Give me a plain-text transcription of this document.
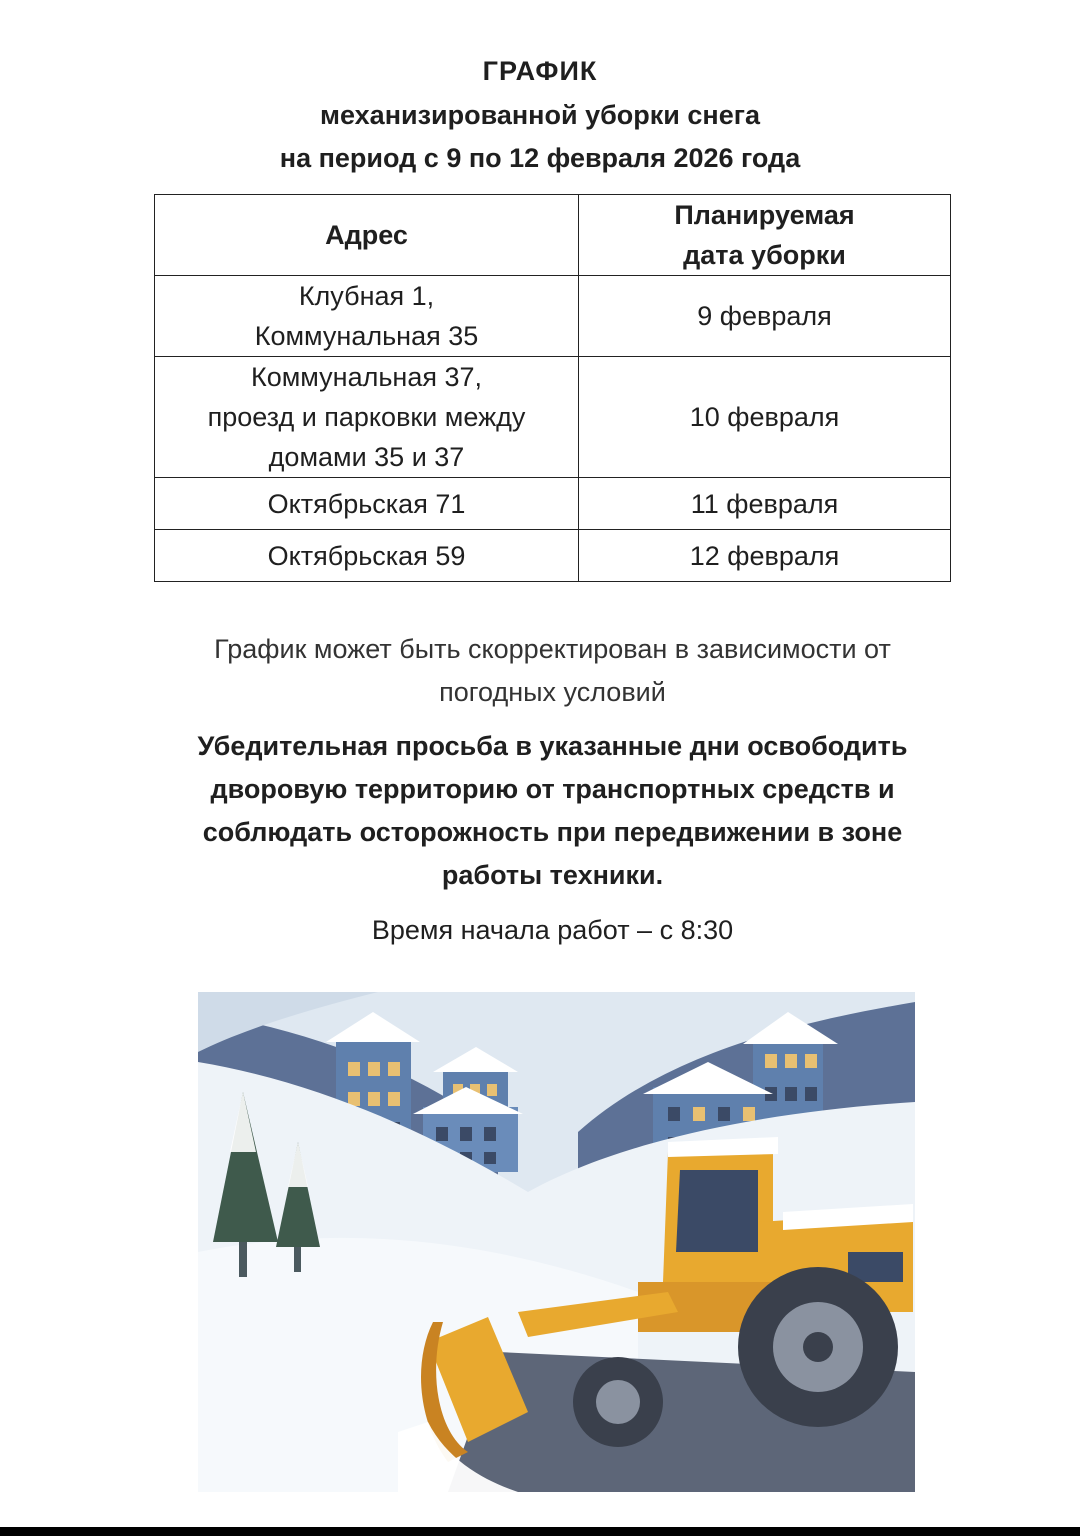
ГРАФИК
механизированной уборки снега
на период с 9 по 12 февраля 2026 года
Адрес	Планируемая
дата уборки

Клубная 1,
Коммунальная 35	9 февраля

Коммунальная 37,
проезд и парковки между
домами 35 и 37	10 февраля
Октябрьская 71	11 февраля
Октябрьская 59	12 февраля
График может быть скорректирован в зависимости от
погодных условий
Убедительная просьба в указанные дни освободить
дворовую территорию от транспортных средств и
соблюдать осторожность при передвижении в зоне
работы техники.
Время начала работ – с 8:30
